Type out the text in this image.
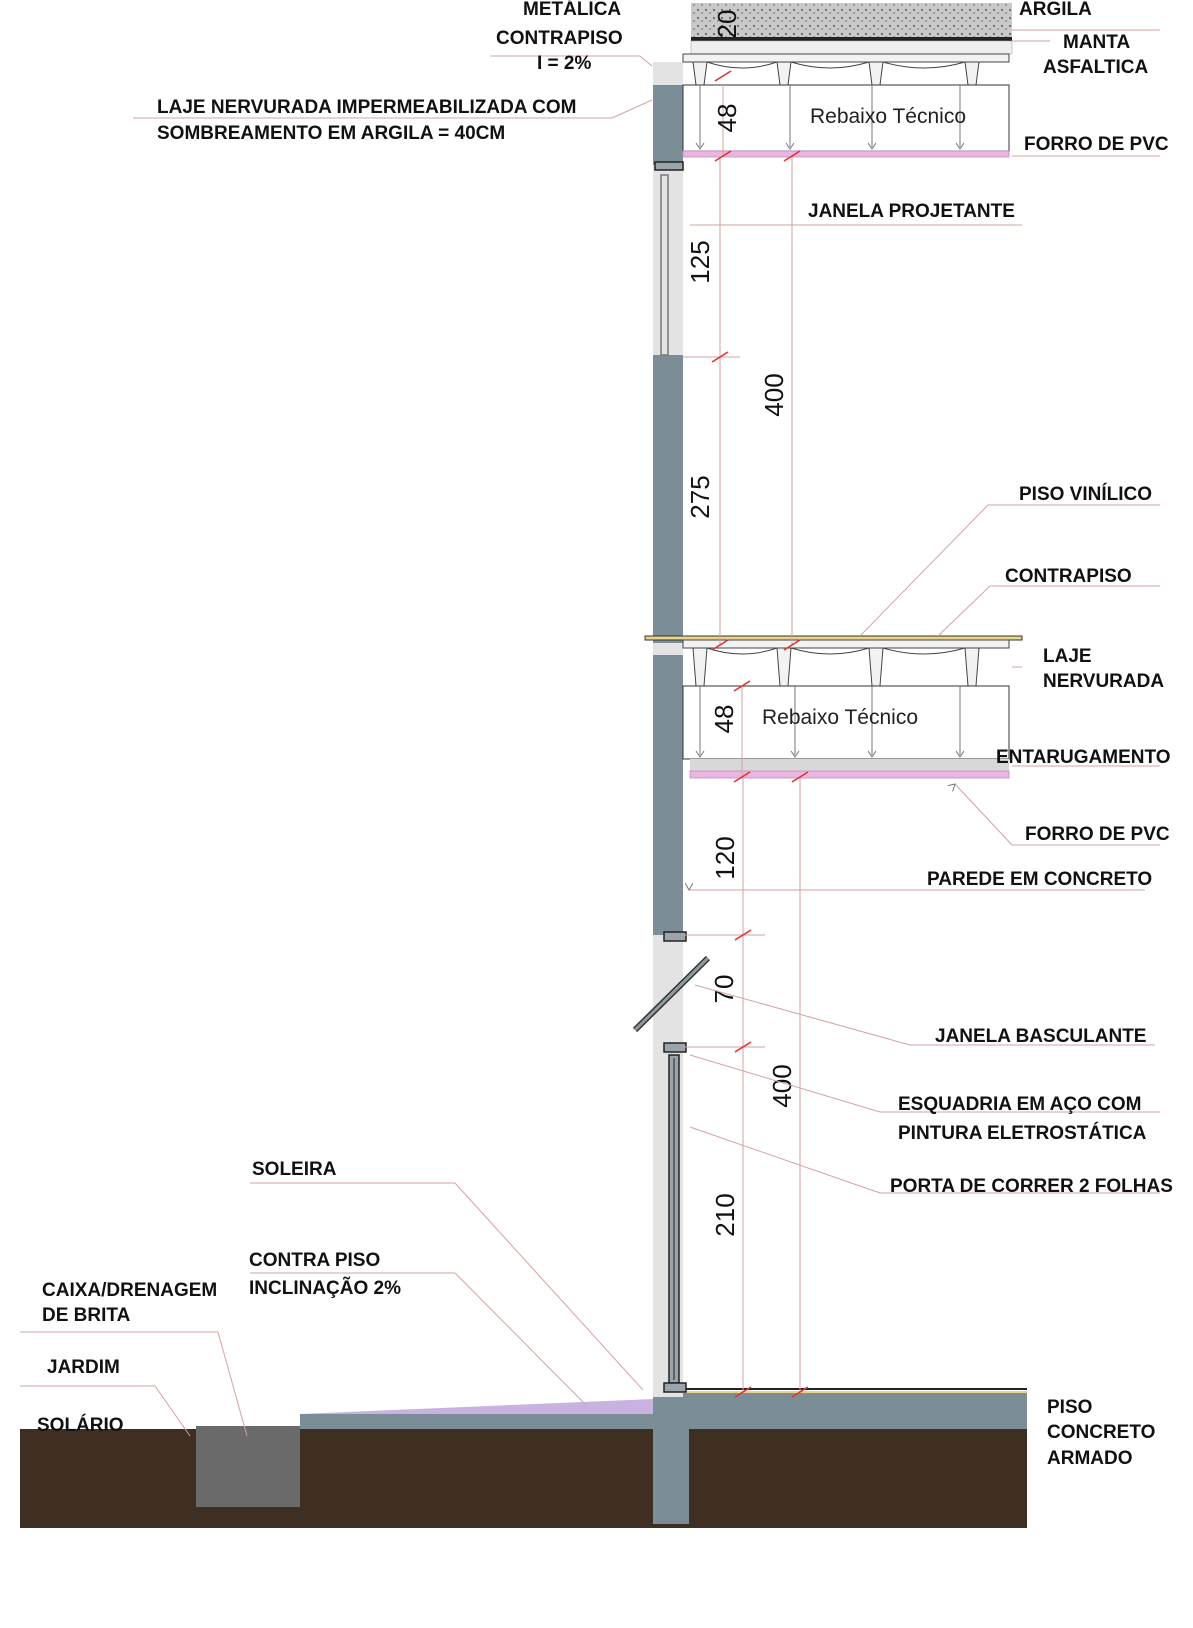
20
48
125
400
275
48
120
70
400
210
Rebaixo Técnico
Rebaixo Técnico
METÁLICA
CONTRAPISO
I = 2%
ARGILA
MANTA
ASFALTICA
LAJE NERVURADA IMPERMEABILIZADA COM
SOMBREAMENTO EM ARGILA = 40CM
FORRO DE PVC
JANELA PROJETANTE
PISO VINÍLICO
CONTRAPISO
LAJE
NERVURADA
ENTARUGAMENTO
FORRO DE PVC
PAREDE EM CONCRETO
JANELA BASCULANTE
ESQUADRIA EM AÇO COM
PINTURA ELETROSTÁTICA
PORTA DE CORRER 2 FOLHAS
SOLEIRA
CONTRA PISO
INCLINAÇÃO 2%
CAIXA/DRENAGEM
DE BRITA
JARDIM
SOLÁRIO
PISO
CONCRETO
ARMADO
